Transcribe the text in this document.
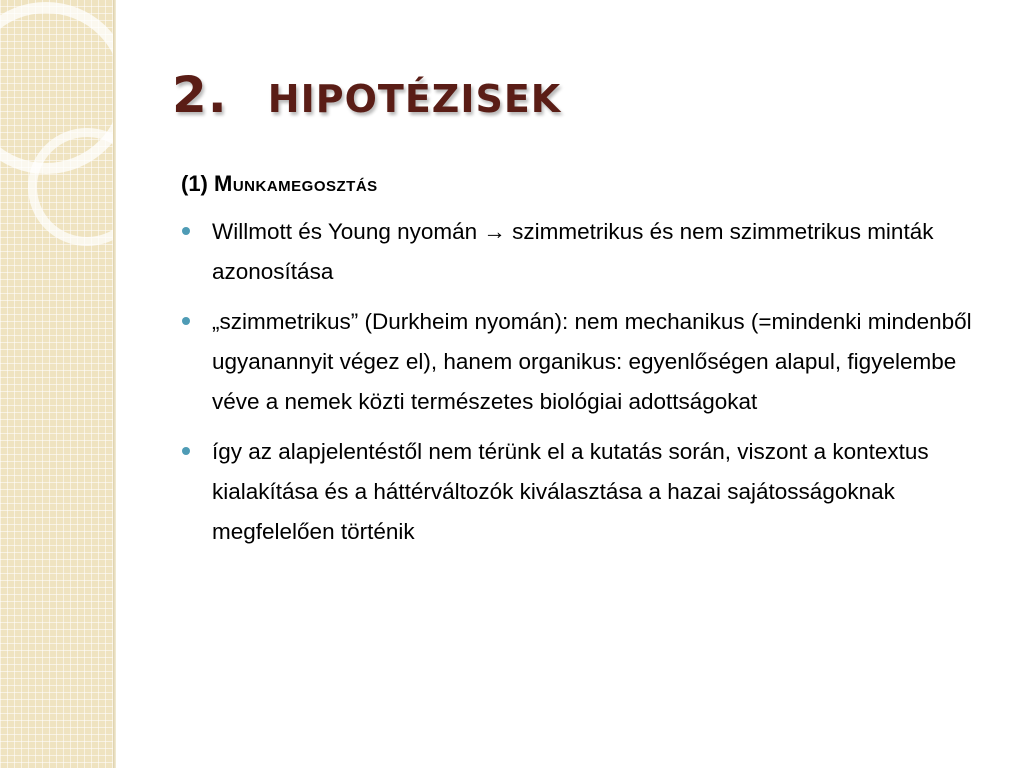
2. HIPOTÉZISEK
(1) Munkamegosztás
Willmott és Young nyomán → szimmetrikus és nem szimmetrikus minták azonosítása
„szimmetrikus” (Durkheim nyomán): nem mechanikus (=mindenki mindenből ugyanannyit végez el), hanem organikus: egyenlőségen alapul, figyelembe véve a nemek közti természetes biológiai adottságokat
így az alapjelentéstől nem térünk el a kutatás során, viszont a kontextus kialakítása és a háttérváltozók kiválasztása a hazai sajátosságoknak megfelelően történik
